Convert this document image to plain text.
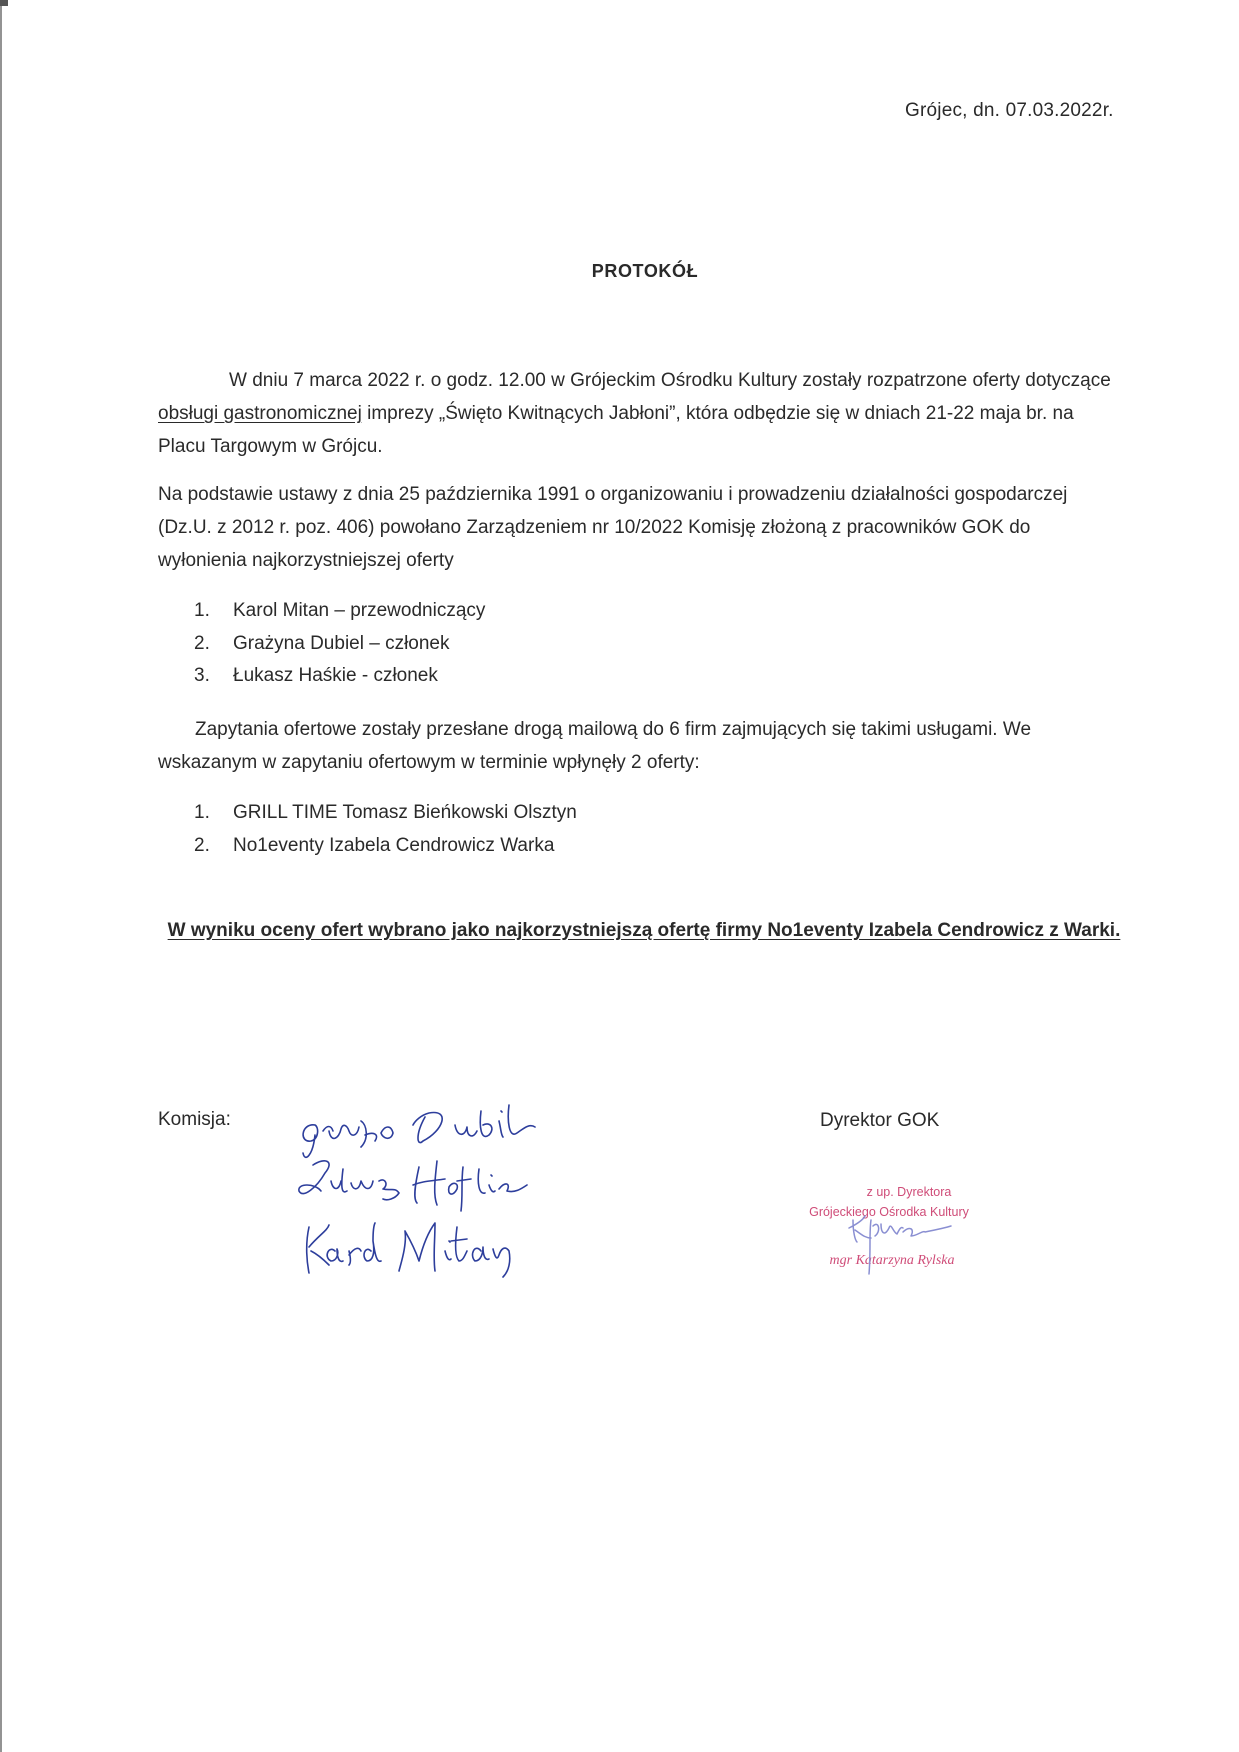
Grójec, dn. 07.03.2022r.
PROTOKÓŁ

W dniu 7 marca 2022 r. o godz. 12.00 w Grójeckim Ośrodku Kultury zostały rozpatrzone oferty dotyczące obsługi gastronomicznej imprezy „Święto Kwitnących Jabłoni”, która odbędzie się w dniach 21-22 maja br. na Placu Targowym w Grójcu.

Na podstawie ustawy z dnia 25 października 1991 o organizowaniu i prowadzeniu działalności gospodarczej (Dz.U. z 2012 r. poz. 406) powołano Zarządzeniem nr 10/2022 Komisję złożoną z pracowników GOK do wyłonienia najkorzystniejszej oferty

1.	Karol Mitan – przewodniczący
2.	Grażyna Dubiel – członek
3.	Łukasz Haśkie - członek

Zapytania ofertowe zostały przesłane drogą mailową do 6 firm zajmujących się takimi usługami. We wskazanym w zapytaniu ofertowym w terminie wpłynęły 2 oferty:

1.	GRILL TIME Tomasz Bieńkowski Olsztyn
2.	No1eventy Izabela Cendrowicz Warka

W wyniku oceny ofert wybrano jako najkorzystniejszą ofertę firmy No1eventy Izabela Cendrowicz z Warki.

Komisja:	Dyrektor GOK
z up. Dyrektora
Grójeckiego Ośrodka Kultury
mgr Katarzyna Rylska
